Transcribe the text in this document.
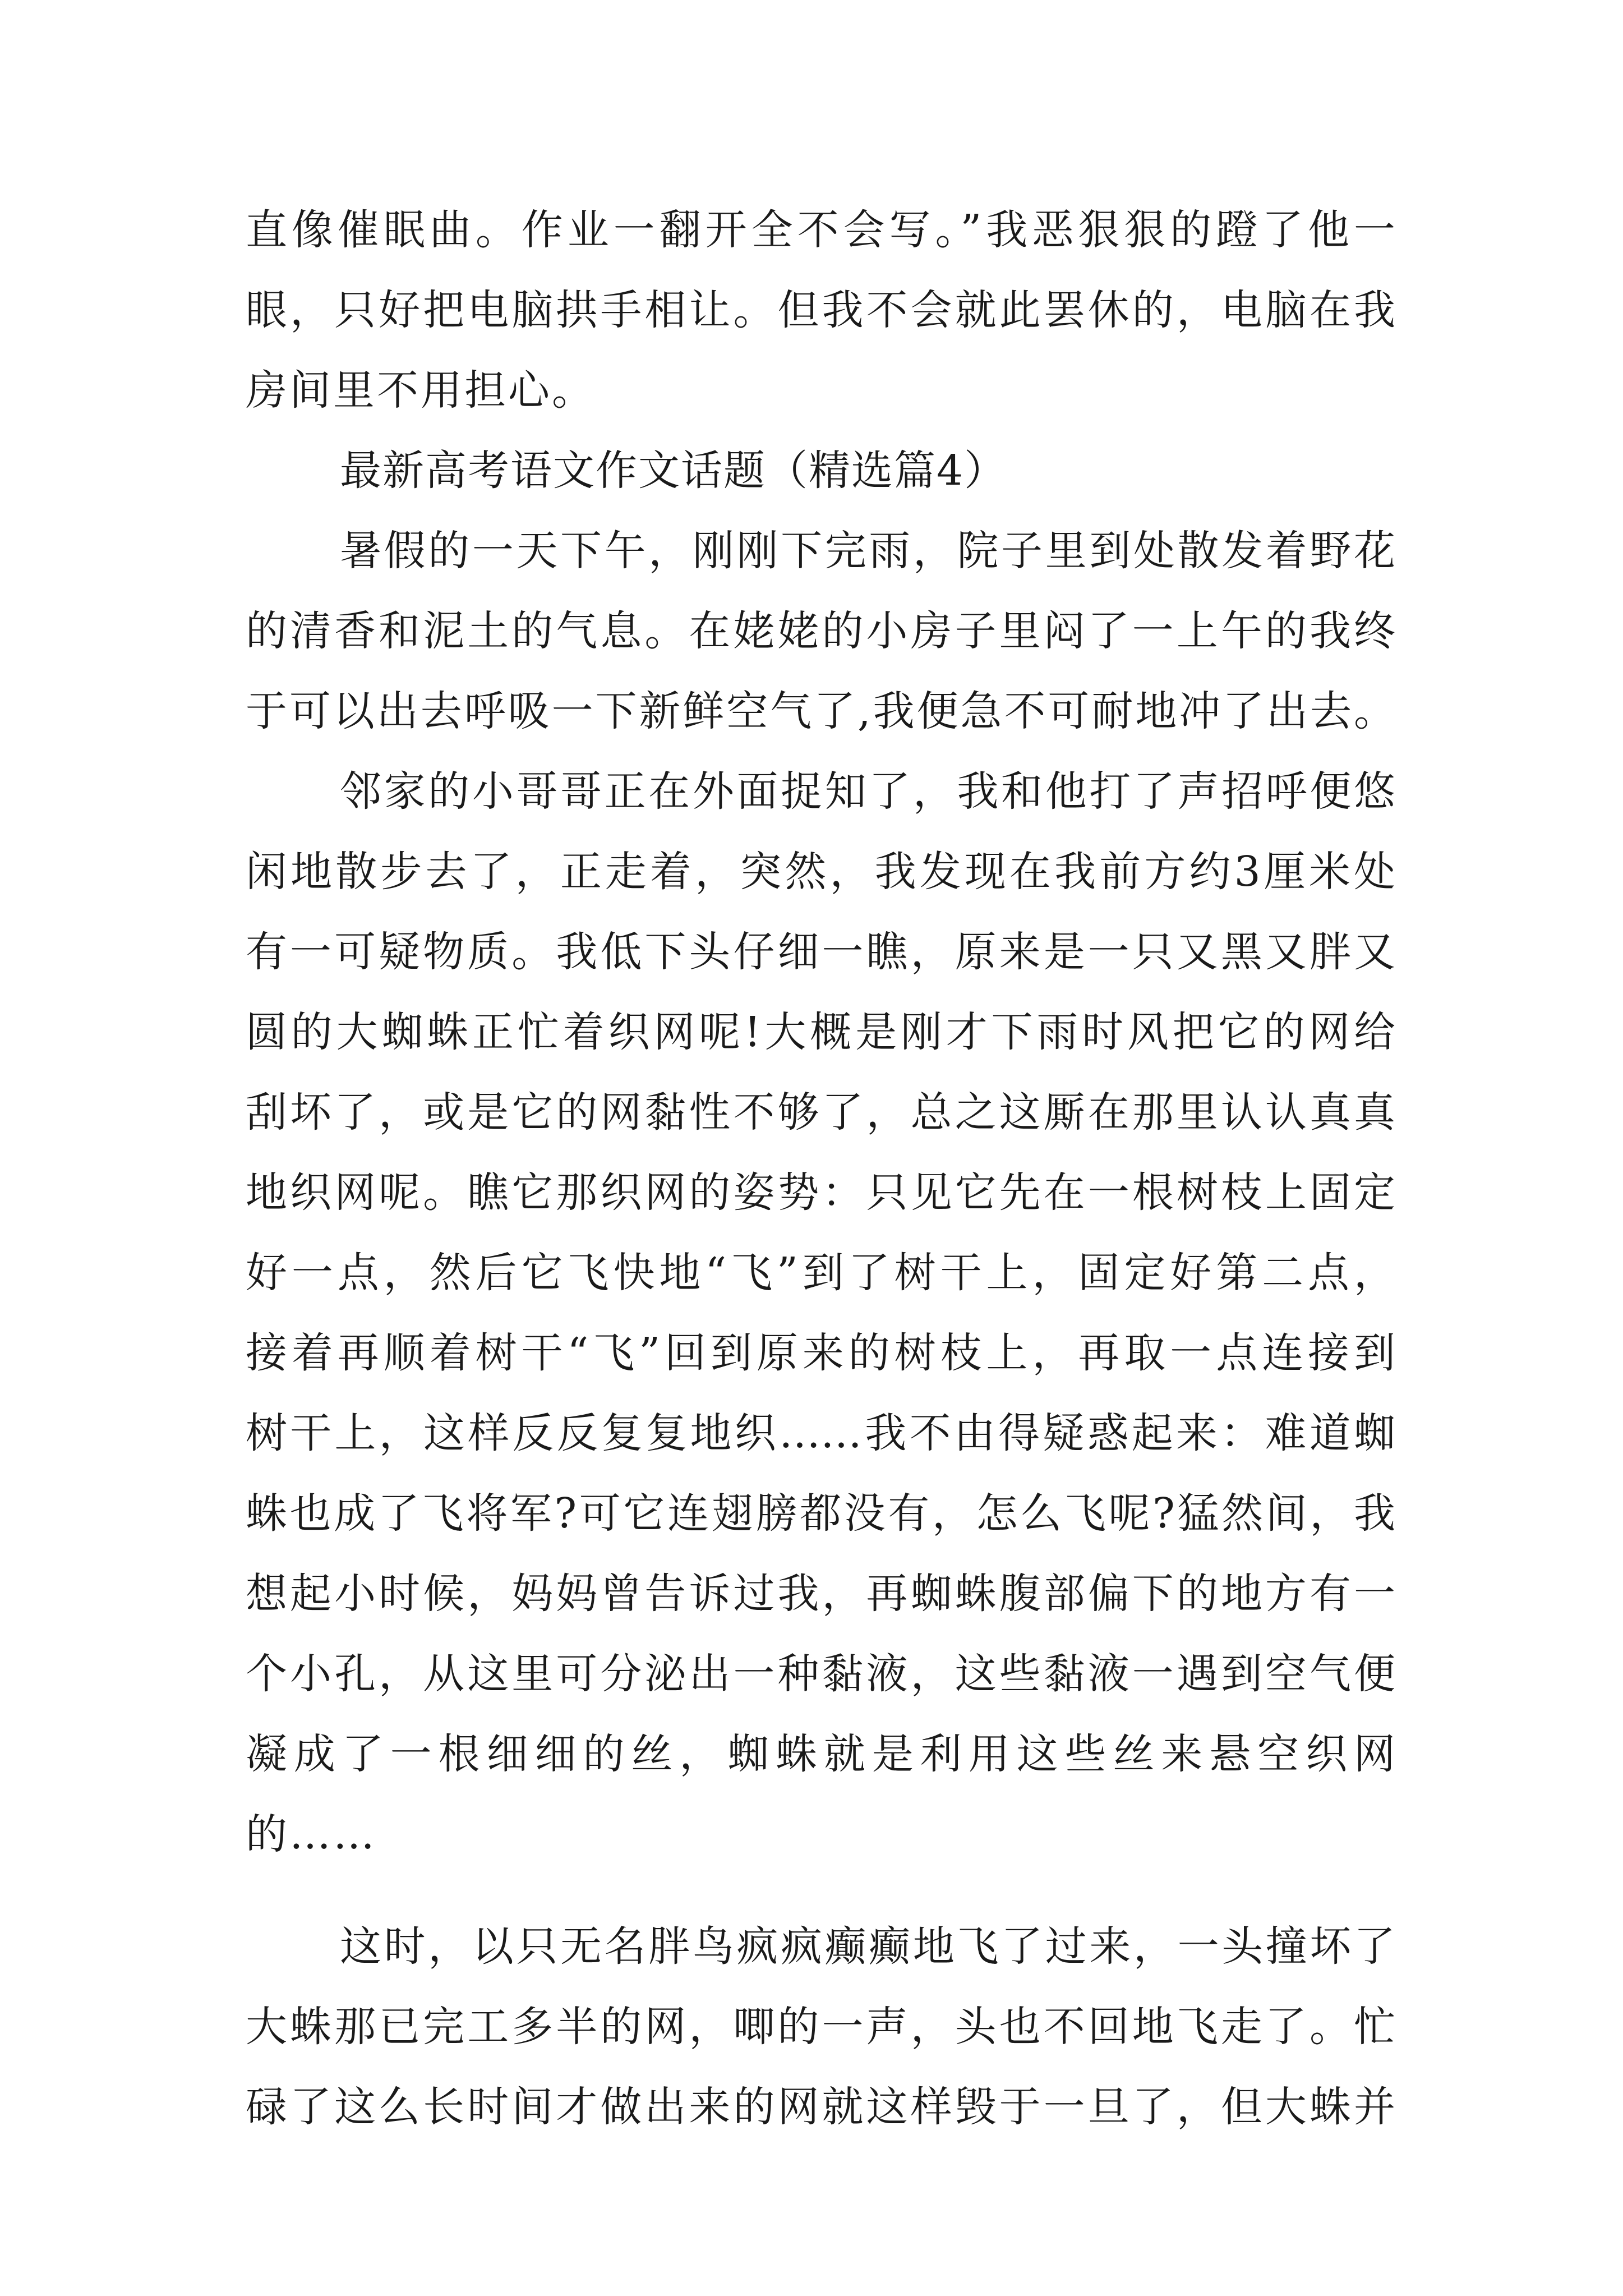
直像催眠曲。作业一翻开全不会写。”我恶狠狠的蹬了他一
眼，只好把电脑拱手相让。但我不会就此罢休的，电脑在我
房间里不用担心。
最新高考语文作文话题（精选篇4）
暑假的一天下午，刚刚下完雨，院子里到处散发着野花
的清香和泥土的气息。在姥姥的小房子里闷了一上午的我终
于可以出去呼吸一下新鲜空气了,我便急不可耐地冲了出去。
邻家的小哥哥正在外面捉知了，我和他打了声招呼便悠
闲地散步去了，正走着，突然，我发现在我前方约3厘米处
有一可疑物质。我低下头仔细一瞧，原来是一只又黑又胖又
圆的大蜘蛛正忙着织网呢!大概是刚才下雨时风把它的网给
刮坏了，或是它的网黏性不够了，总之这厮在那里认认真真
地织网呢。瞧它那织网的姿势：只见它先在一根树枝上固定
好一点，然后它飞快地“飞”到了树干上，固定好第二点，
接着再顺着树干“飞”回到原来的树枝上，再取一点连接到
树干上，这样反反复复地织……我不由得疑惑起来：难道蜘
蛛也成了飞将军?可它连翅膀都没有，怎么飞呢?猛然间，我
想起小时候，妈妈曾告诉过我，再蜘蛛腹部偏下的地方有一
个小孔，从这里可分泌出一种黏液，这些黏液一遇到空气便
凝成了一根细细的丝，蜘蛛就是利用这些丝来悬空织网
的……
这时，以只无名胖鸟疯疯癫癫地飞了过来，一头撞坏了
大蛛那已完工多半的网，唧的一声，头也不回地飞走了。忙
碌了这么长时间才做出来的网就这样毁于一旦了，但大蛛并
